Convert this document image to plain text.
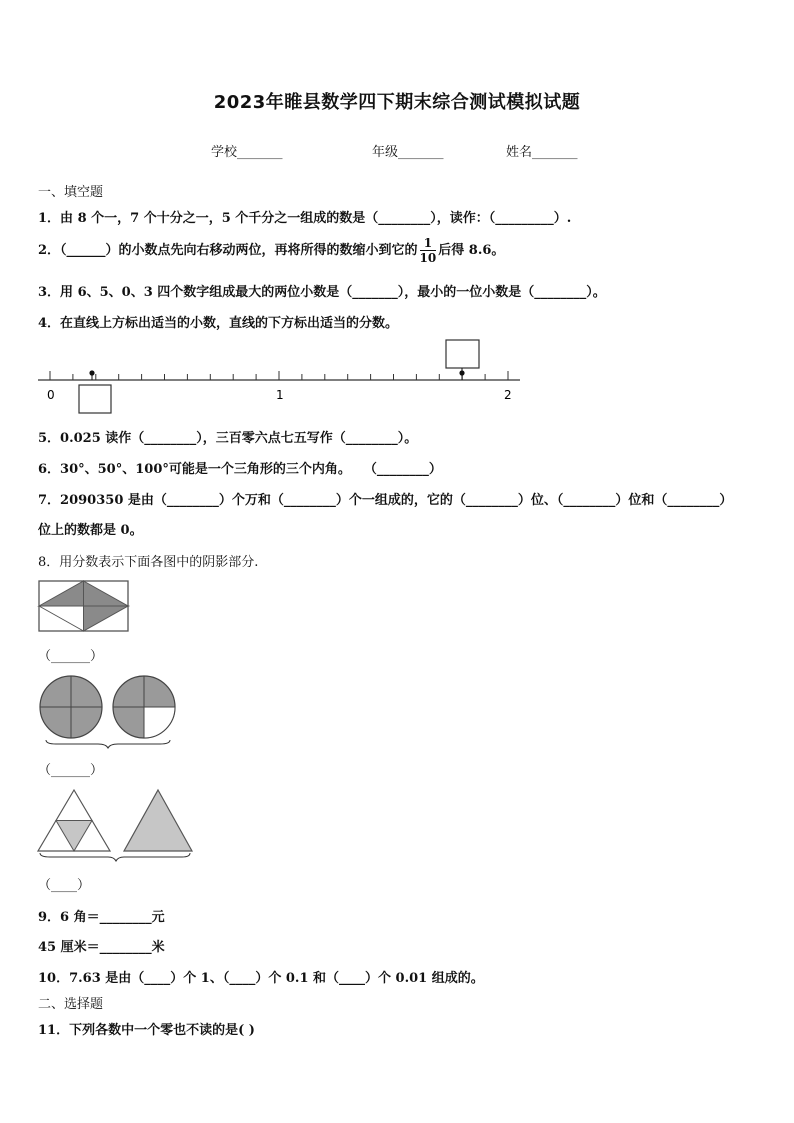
2023年睢县数学四下期末综合测试模拟试题
学校_______	年级_______	姓名_______
一、填空题
1．由 8 个一，7 个十分之一，5 个千分之一组成的数是（________），读作：（_________）.
2．（______）的小数点先向右移动两位，再将所得的数缩小到它的 $\frac{1}{10}$ 后得 8.6。
3．用 6、5、0、3 四个数字组成最大的两位小数是（_______），最小的一位小数是（________）。
4．在直线上方标出适当的小数，直线的下方标出适当的分数。
0	1	2
5．0.025 读作（________），三百零六点七五写作（________）。
6．30°、50°、100°可能是一个三角形的三个内角。　　（________）
7．2090350 是由（________）个万和（________）个一组成的，它的（________）位、（________）位和（________）
位上的数都是 0。
8．用分数表示下面各图中的阴影部分.
（______）
（______）
（____）
9．6 角＝________元
45 厘米＝________米
10．7.63 是由（____）个 1、（____）个 0.1 和（____）个 0.01 组成的。
二、选择题
11．下列各数中一个零也不读的是( )
